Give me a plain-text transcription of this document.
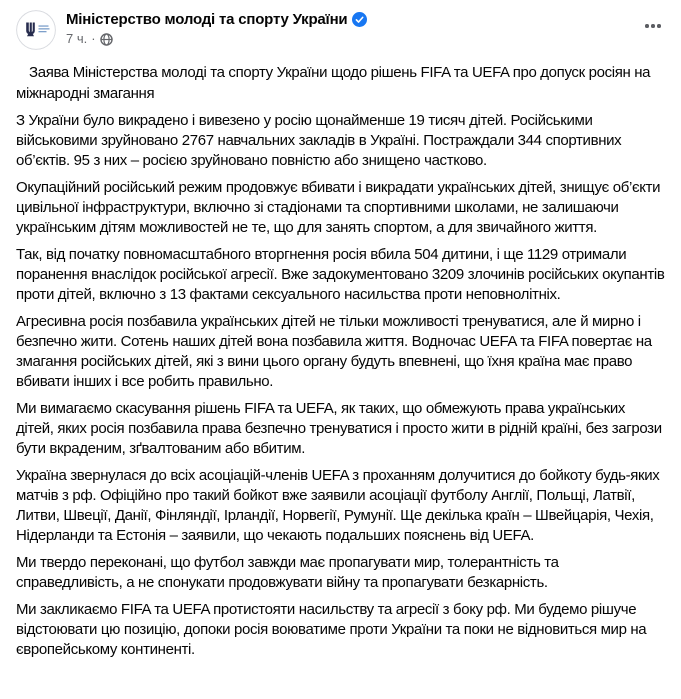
Міністерство молоді та спорту України
7 ч. ·

Заява Міністерства молоді та спорту України щодо рішень FIFA та UEFA про допуск росіян на міжнародні змагання

З України було викрадено і вивезено у росію щонайменше 19 тисяч дітей. Російськими військовими зруйновано 2767 навчальних закладів в Україні. Постраждали 344 спортивних об’єктів. 95 з них – росією зруйновано повністю або знищено частково.

Окупаційний російський режим продовжує вбивати і викрадати українських дітей, знищує об’єкти цивільної інфраструктури, включно зі стадіонами та спортивними школами, не залишаючи українським дітям можливостей не те, що для занять спортом, а для звичайного життя.

Так, від початку повномасштабного вторгнення росія вбила 504 дитини, і ще 1129 отримали поранення внаслідок російської агресії. Вже задокументовано 3209 злочинів російських окупантів проти дітей, включно з 13 фактами сексуального насильства проти неповнолітніх.

Агресивна росія позбавила українських дітей не тільки можливості тренуватися, але й мирно і безпечно жити. Сотень наших дітей вона позбавила життя. Водночас UEFA та FIFA повертає на змагання російських дітей, які з вини цього органу будуть впевнені, що їхня країна має право вбивати інших і все робить правильно.

Ми вимагаємо скасування рішень FIFA та UEFA, як таких, що обмежують права українських дітей, яких росія позбавила права безпечно тренуватися і просто жити в рідній країні, без загрози бути вкраденим, зґвалтованим або вбитим.

Україна звернулася до всіх асоціацій-членів UEFA з проханням долучитися до бойкоту будь-яких матчів з рф. Офіційно про такий бойкот вже заявили асоціації футболу Англії, Польщі, Латвії, Литви, Швеції, Данії, Фінляндії, Ірландії, Норвегії, Румунії. Ще декілька країн – Швейцарія, Чехія, Нідерланди та Естонія – заявили, що чекають подальших пояснень від UEFA.

Ми твердо переконані, що футбол завжди має пропагувати мир, толерантність та справедливість, а не спонукати продовжувати війну та пропагувати безкарність.

Ми закликаємо FIFA та UEFA протистояти насильству та агресії з боку рф. Ми будемо рішуче відстоювати цю позицію, допоки росія воюватиме проти України та поки не відновиться мир на європейському континенті.
